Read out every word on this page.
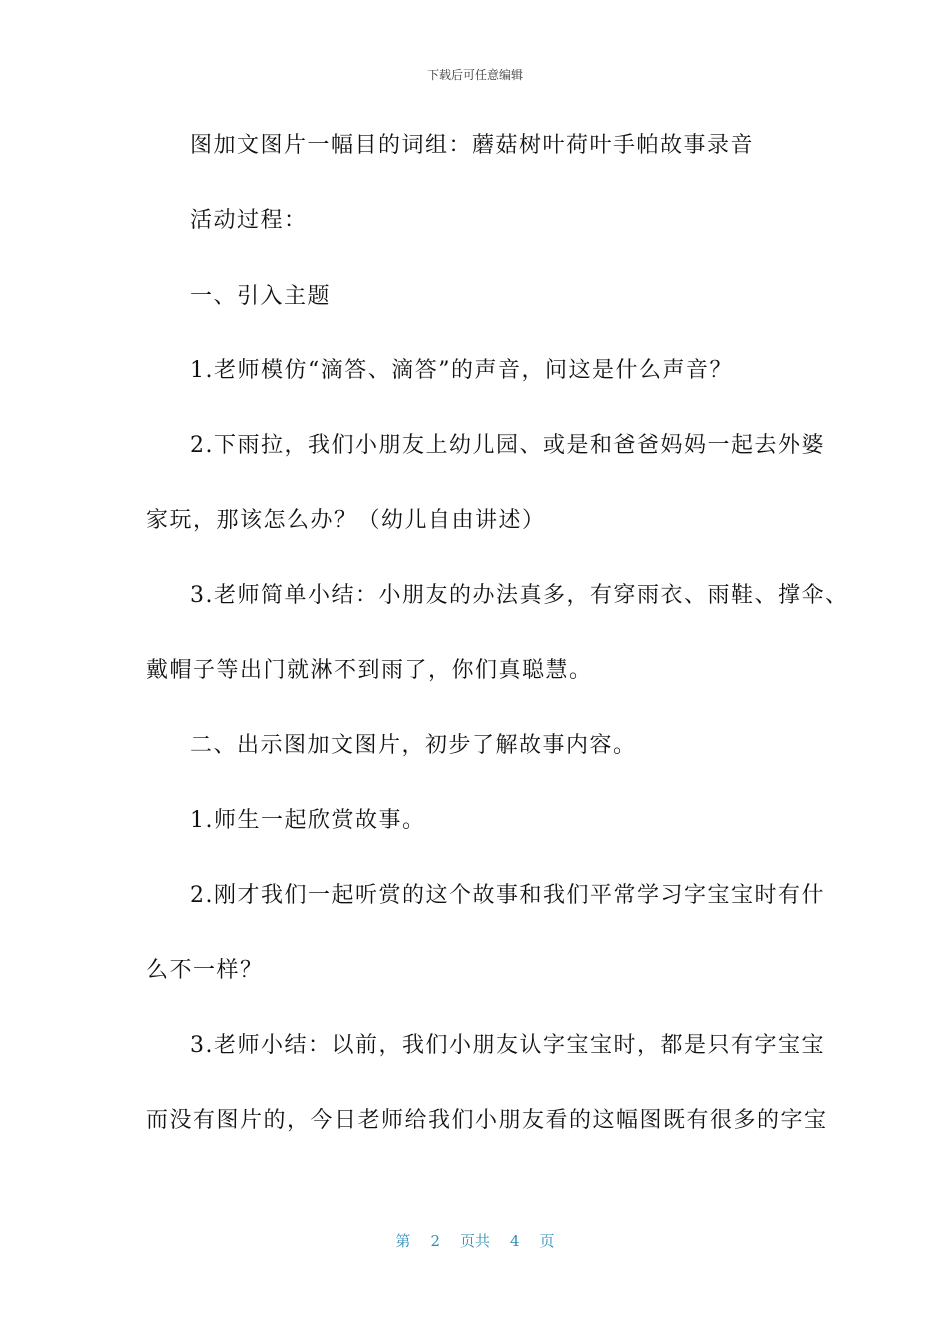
下载后可任意编辑
图加文图片一幅目的词组：蘑菇树叶荷叶手帕故事录音
活动过程：
一、引入主题
1.老师模仿“滴答、滴答”的声音，问这是什么声音？
2.下雨拉，我们小朋友上幼儿园、或是和爸爸妈妈一起去外婆
家玩，那该怎么办？（幼儿自由讲述）
3.老师简单小结：小朋友的办法真多，有穿雨衣、雨鞋、撑伞、
戴帽子等出门就淋不到雨了，你们真聪慧。
二、出示图加文图片，初步了解故事内容。
1.师生一起欣赏故事。
2.刚才我们一起听赏的这个故事和我们平常学习字宝宝时有什
么不一样？
3.老师小结：以前，我们小朋友认字宝宝时，都是只有字宝宝
而没有图片的，今日老师给我们小朋友看的这幅图既有很多的字宝
第 2 页共 4 页
